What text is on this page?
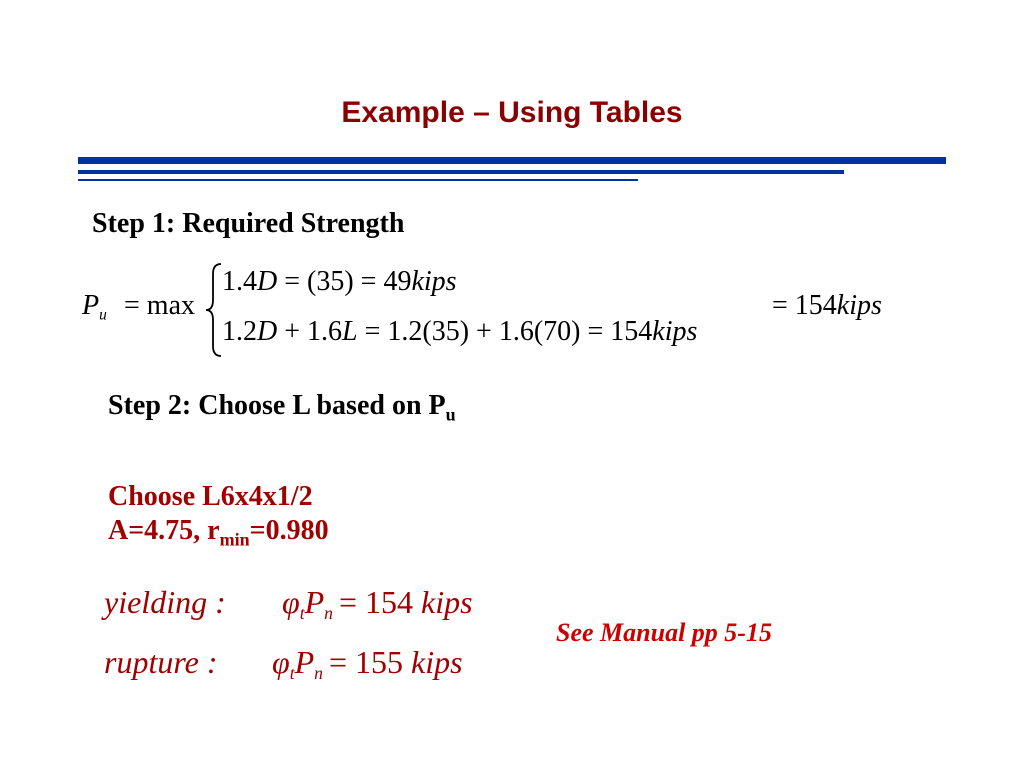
Example – Using Tables
Step 1: Required Strength
$P_u = \max$
1.4D = (35) = 49kips
1.2D + 1.6L = 1.2(35) + 1.6(70) = 154kips
= 154kips
Step 2: Choose L based on $P_u$
Choose L6x4x1/2
A=4.75, $r_{min}=0.980$
yielding : $\varphi_tP_n = 154$ kips
rupture : $\varphi_tP_n = 155$ kips
See Manual pp 5-15
